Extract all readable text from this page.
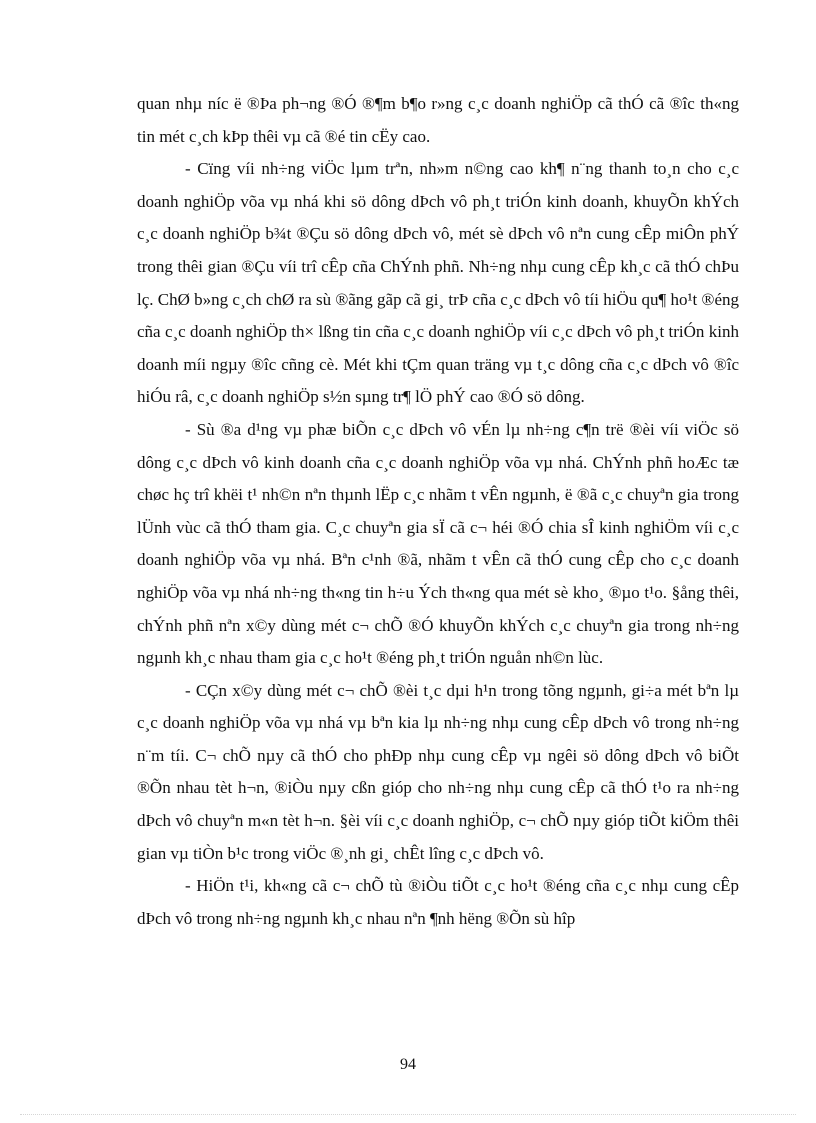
quan nhµ níc ë ®Þa ph¬ng ®Ó ®¶m b¶o r»ng c¸c doanh nghiÖp cã thÓ cã ®îc th«ng tin mét c¸ch kÞp thêi vµ cã ®é tin cËy cao.

- Cïng víi nh÷ng viÖc lµm trªn, nh»m n©ng cao kh¶ n¨ng thanh to¸n cho c¸c doanh nghiÖp võa vµ nhá khi sö dông dÞch vô ph¸t triÓn kinh doanh, khuyÕn khÝch c¸c doanh nghiÖp b¾t ®Çu sö dông dÞch vô, mét sè dÞch vô nªn cung cÊp miÔn phÝ trong thêi gian ®Çu víi trî cÊp cña ChÝnh phñ. Nh÷ng nhµ cung cÊp kh¸c cã thÓ chÞu lç. ChØ b»ng c¸ch chØ ra sù ®ãng gãp cã gi¸ trÞ cña c¸c dÞch vô tíi hiÖu qu¶ ho¹t ®éng cña c¸c doanh nghiÖp th× lßng tin cña c¸c doanh nghiÖp víi c¸c dÞch vô ph¸t triÓn kinh doanh míi ngµy ®îc cñng cè. Mét khi tÇm quan träng vµ t¸c dông cña c¸c dÞch vô ®îc hiÓu râ, c¸c doanh nghiÖp s½n sµng tr¶ lÖ phÝ cao ®Ó sö dông.

- Sù ®a d¹ng vµ phæ biÕn c¸c dÞch vô vÉn lµ nh÷ng c¶n trë ®èi víi viÖc sö dông c¸c dÞch vô kinh doanh cña c¸c doanh nghiÖp võa vµ nhá. ChÝnh phñ hoÆc tæ chøc hç trî khëi t¹ nh©n nªn thµnh lËp c¸c nhãm t vÊn ngµnh, ë ®ã c¸c chuyªn gia trong lÜnh vùc cã thÓ tham gia. C¸c chuyªn gia sÏ cã c¬ héi ®Ó chia sÎ kinh nghiÖm víi c¸c doanh nghiÖp võa vµ nhá. Bªn c¹nh ®ã, nhãm t vÊn cã thÓ cung cÊp cho c¸c doanh nghiÖp võa vµ nhá nh÷ng th«ng tin h÷u Ých th«ng qua mét sè kho¸ ®µo t¹o. §ång thêi, chÝnh phñ nªn x©y dùng mét c¬ chÕ ®Ó khuyÕn khÝch c¸c chuyªn gia trong nh÷ng ngµnh kh¸c nhau tham gia c¸c ho¹t ®éng ph¸t triÓn nguån nh©n lùc.

- CÇn x©y dùng mét c¬ chÕ ®èi t¸c dµi h¹n trong tõng ngµnh, gi÷a mét bªn lµ c¸c doanh nghiÖp võa vµ nhá vµ bªn kia lµ nh÷ng nhµ cung cÊp dÞch vô trong nh÷ng n¨m tíi. C¬ chÕ nµy cã thÓ cho phÐp nhµ cung cÊp vµ ngêi sö dông dÞch vô biÕt ®Õn nhau tèt h¬n, ®iÒu nµy cßn gióp cho nh÷ng nhµ cung cÊp cã thÓ t¹o ra nh÷ng dÞch vô chuyªn m«n tèt h¬n. §èi víi c¸c doanh nghiÖp, c¬ chÕ nµy gióp tiÕt kiÖm thêi gian vµ tiÒn b¹c trong viÖc ®¸nh gi¸ chÊt lîng c¸c dÞch vô.

- HiÖn t¹i, kh«ng cã c¬ chÕ tù ®iÒu tiÕt c¸c ho¹t ®éng cña c¸c nhµ cung cÊp dÞch vô trong nh÷ng ngµnh kh¸c nhau nªn ¶nh hëng ®Õn sù hîp

94
